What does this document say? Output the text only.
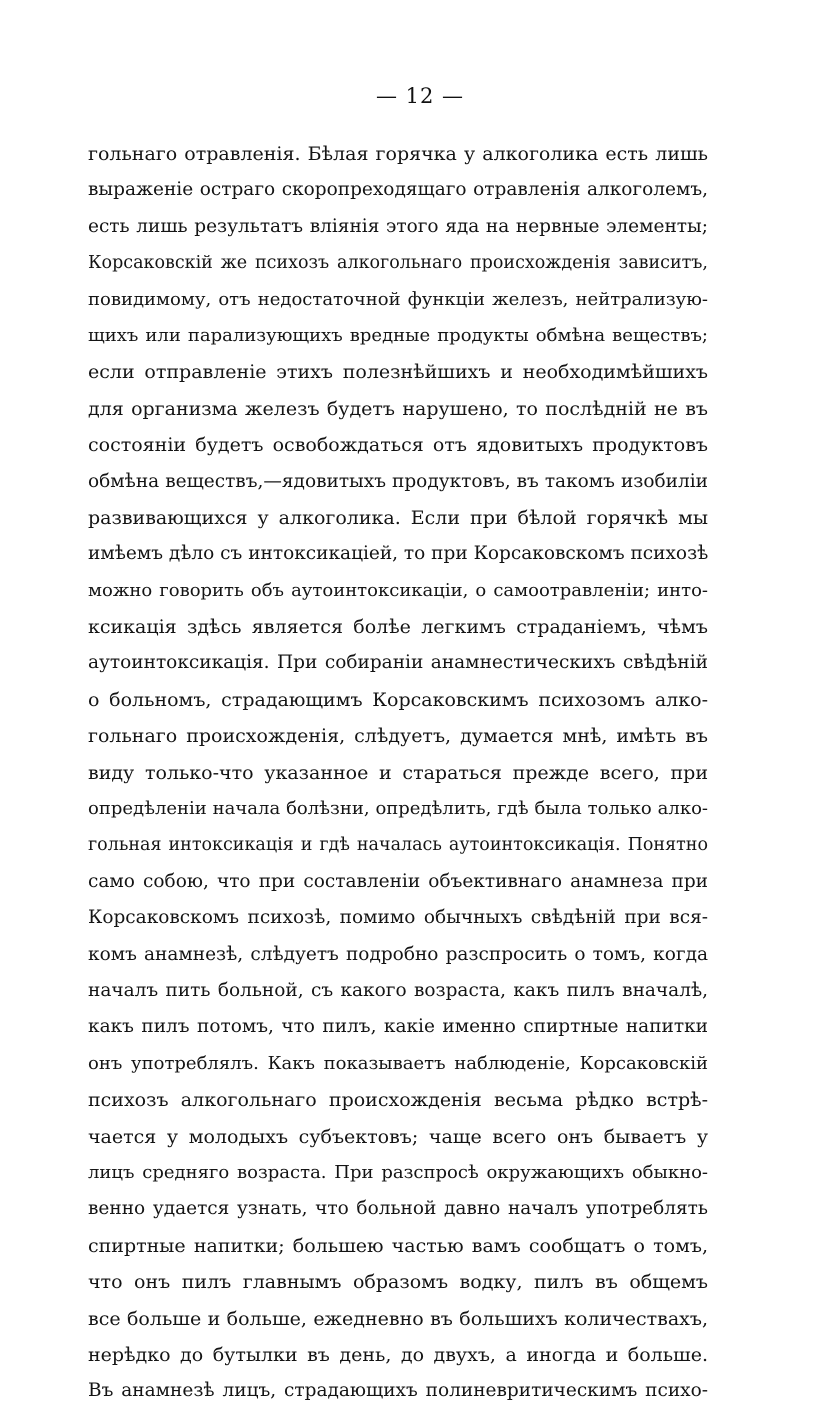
— 12 —
гольнаго отравленія. Бѣлая горячка у алкоголика есть лишь
выраженіе остраго скоропреходящаго отравленія алкоголемъ,
есть лишь результатъ вліянія этого яда на нервные элементы;
Корсаковскій же психозъ алкогольнаго происхожденія зависитъ,
повидимому, отъ недостаточной функціи железъ, нейтрализую-
щихъ или парализующихъ вредные продукты обмѣна веществъ;
если отправленіе этихъ полезнѣйшихъ и необходимѣйшихъ
для организма железъ будетъ нарушено, то послѣдній не въ
состояніи будетъ освобождаться отъ ядовитыхъ продуктовъ
обмѣна веществъ,—ядовитыхъ продуктовъ, въ такомъ изобиліи
развивающихся у алкоголика. Если при бѣлой горячкѣ мы
имѣемъ дѣло съ интоксикаціей, то при Корсаковскомъ психозѣ
можно говорить объ аутоинтоксикаціи, о самоотравленіи; инто-
ксикація здѣсь является болѣе легкимъ страданіемъ, чѣмъ
аутоинтоксикація. При собираніи анамнестическихъ свѣдѣній
о больномъ, страдающимъ Корсаковскимъ психозомъ алко-
гольнаго происхожденія, слѣдуетъ, думается мнѣ, имѣть въ
виду только-что указанное и стараться прежде всего, при
опредѣленіи начала болѣзни, опредѣлить, гдѣ была только алко-
гольная интоксикація и гдѣ началась аутоинтоксикація. Понятно
само собою, что при составленіи объективнаго анамнеза при
Корсаковскомъ психозѣ, помимо обычныхъ свѣдѣній при вся-
комъ анамнезѣ, слѣдуетъ подробно разспросить о томъ, когда
началъ пить больной, съ какого возраста, какъ пилъ вначалѣ,
какъ пилъ потомъ, что пилъ, какіе именно спиртные напитки
онъ употреблялъ. Какъ показываетъ наблюденіе, Корсаковскій
психозъ алкогольнаго происхожденія весьма рѣдко встрѣ-
чается у молодыхъ субъектовъ; чаще всего онъ бываетъ у
лицъ средняго возраста. При разспросѣ окружающихъ обыкно-
венно удается узнать, что больной давно началъ употреблять
спиртные напитки; большею частью вамъ сообщатъ о томъ,
что онъ пилъ главнымъ образомъ водку, пилъ въ общемъ
все больше и больше, ежедневно въ большихъ количествахъ,
нерѣдко до бутылки въ день, до двухъ, а иногда и больше.
Въ анамнезѣ лицъ, страдающихъ полиневритическимъ психо-
